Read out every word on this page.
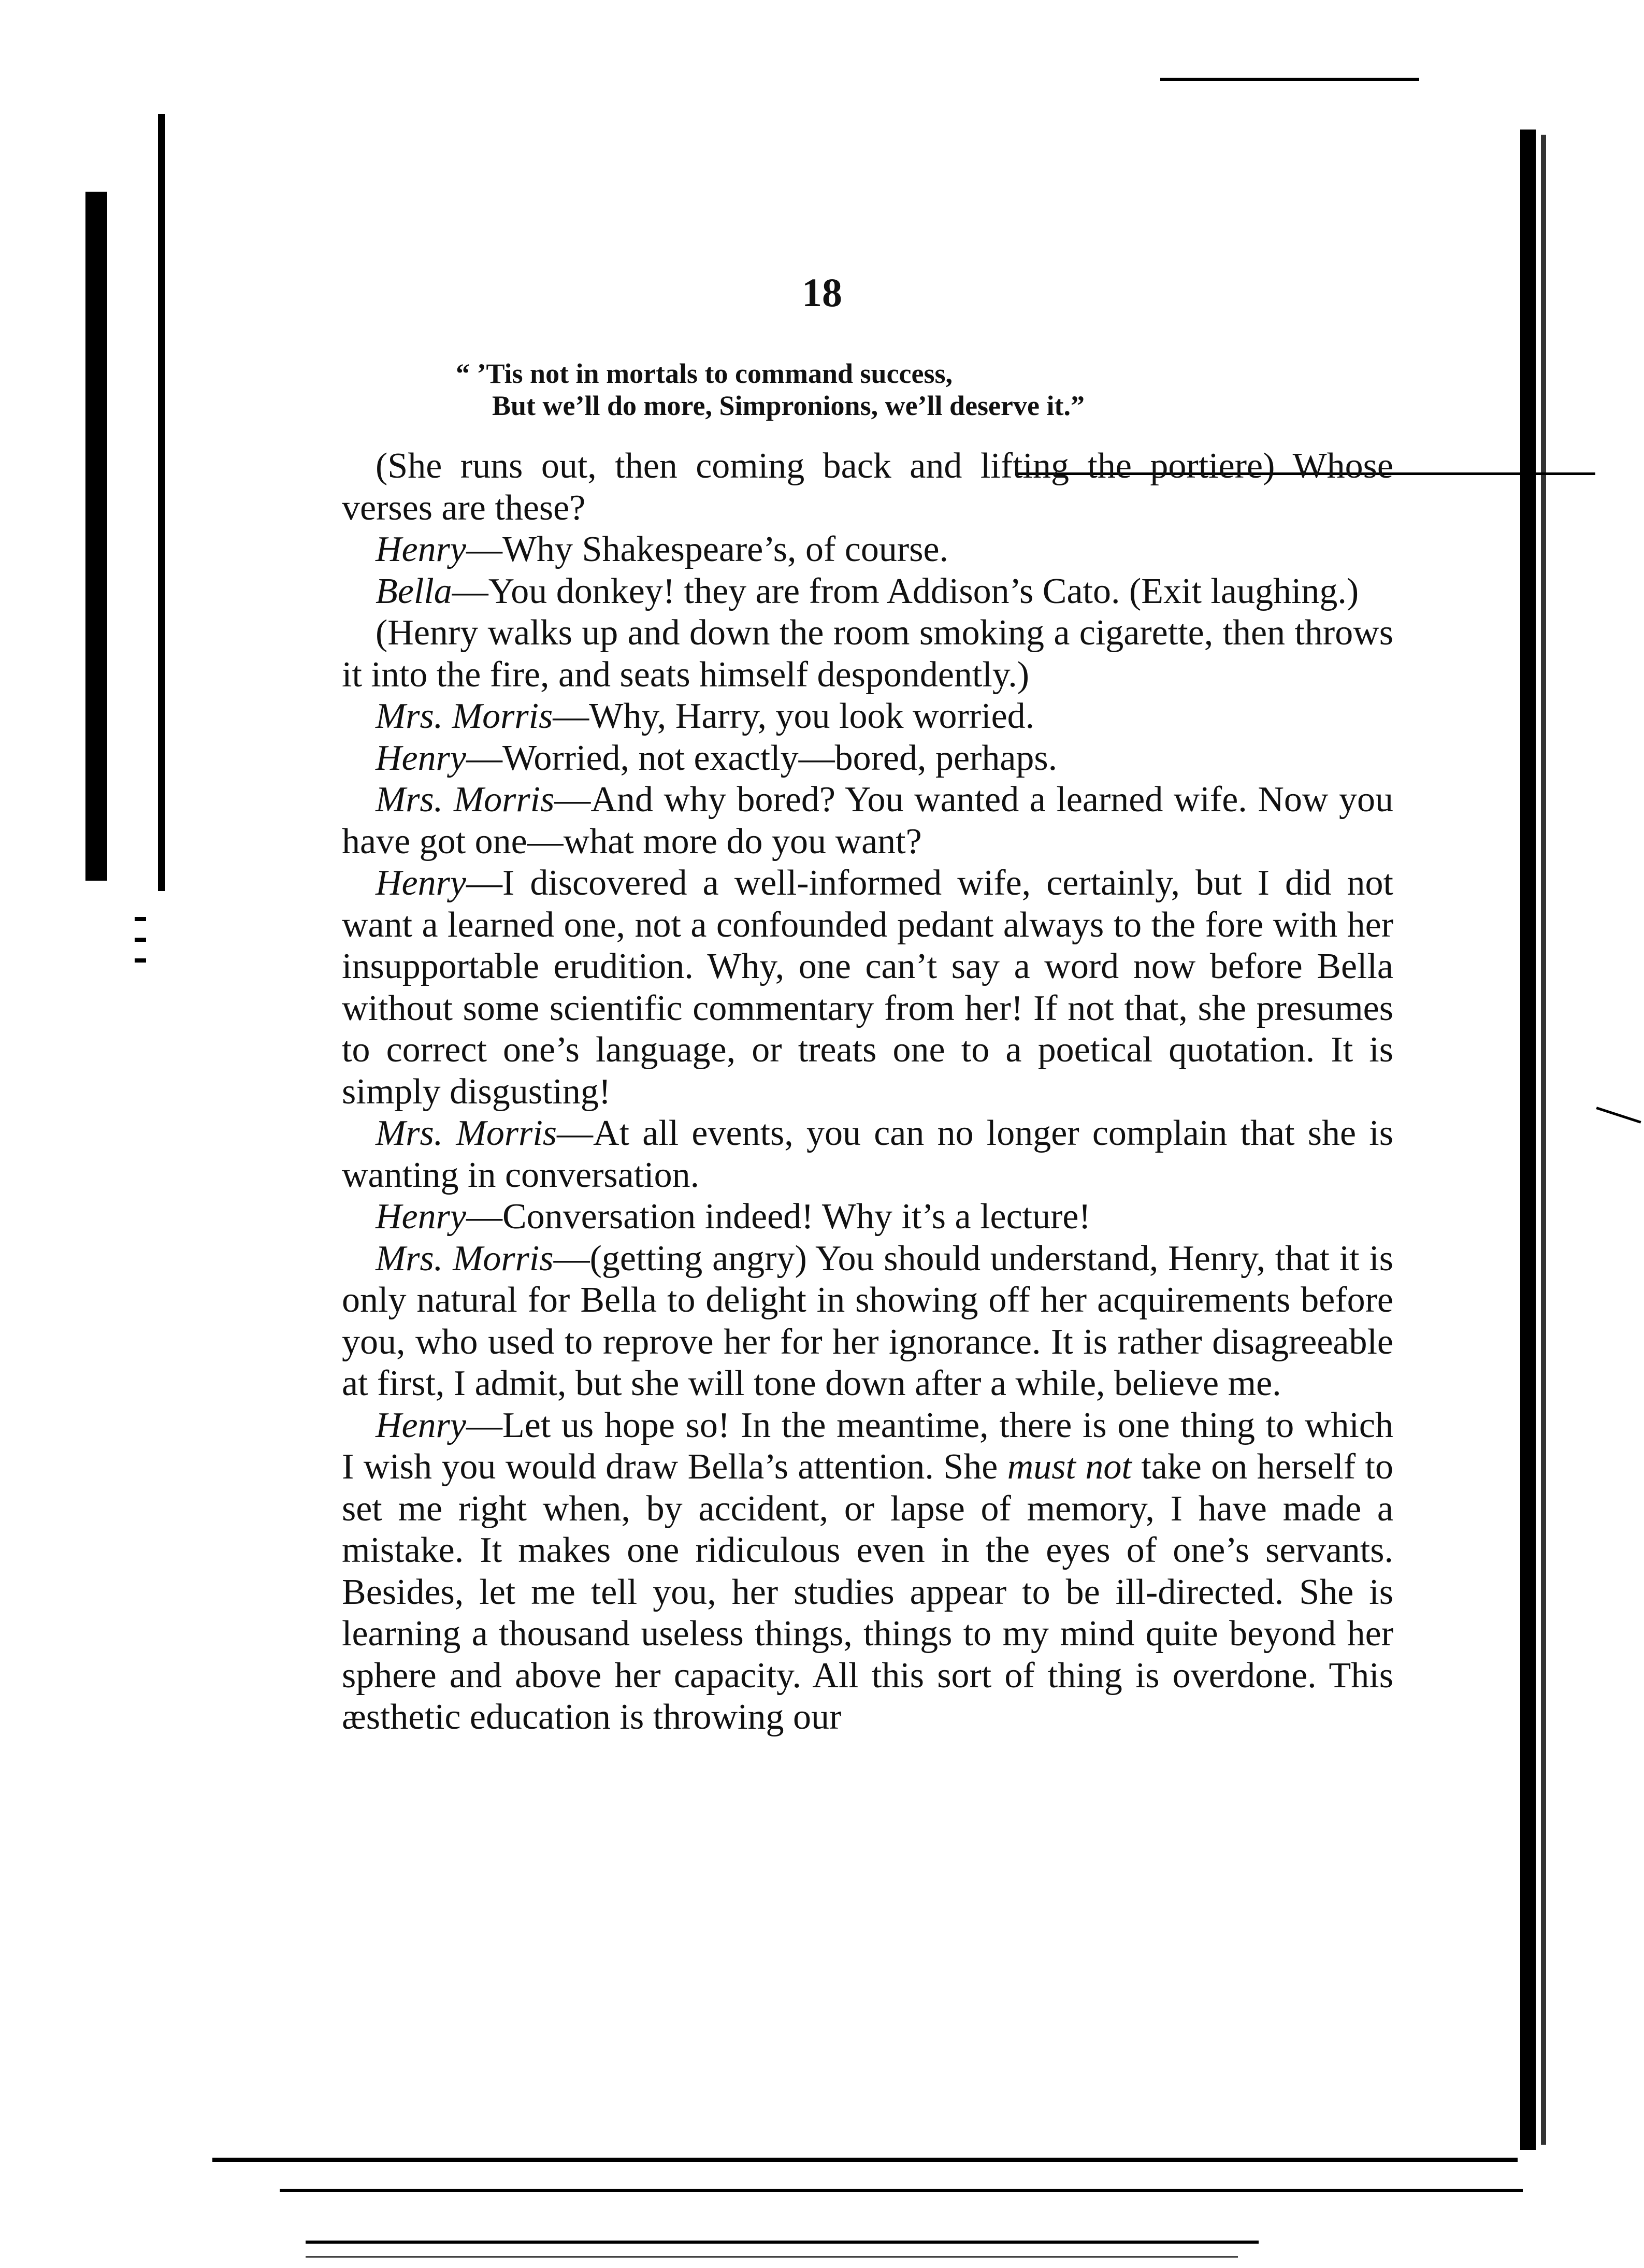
18
“ ’Tis not in mortals to command success,
But we’ll do more, Simpronions, we’ll deserve it.”

(She runs out, then coming back and lifting the portiere) Whose verses are these?

Henry—Why Shakespeare’s, of course.

Bella—You donkey! they are from Addison’s Cato. (Exit laughing.)

(Henry walks up and down the room smoking a cigarette, then throws it into the fire, and seats himself despondently.)

Mrs. Morris—Why, Harry, you look worried.

Henry—Worried, not exactly—bored, perhaps.

Mrs. Morris—And why bored? You wanted a learned wife. Now you have got one—what more do you want?

Henry—I discovered a well-informed wife, certainly, but I did not want a learned one, not a confounded pedant always to the fore with her insupportable erudition. Why, one can’t say a word now before Bella without some scientific commentary from her! If not that, she presumes to correct one’s language, or treats one to a poetical quotation. It is simply disgusting!

Mrs. Morris—At all events, you can no longer complain that she is wanting in conversation.

Henry—Conversation indeed! Why it’s a lecture!

Mrs. Morris—(getting angry) You should understand, Henry, that it is only natural for Bella to delight in showing off her acquirements before you, who used to reprove her for her ignorance. It is rather disagreeable at first, I admit, but she will tone down after a while, believe me.

Henry—Let us hope so! In the meantime, there is one thing to which I wish you would draw Bella’s attention. She must not take on herself to set me right when, by accident, or lapse of memory, I have made a mistake. It makes one ridiculous even in the eyes of one’s servants. Besides, let me tell you, her studies appear to be ill-directed. She is learning a thousand useless things, things to my mind quite beyond her sphere and above her capacity. All this sort of thing is overdone. This æsthetic education is throwing our
